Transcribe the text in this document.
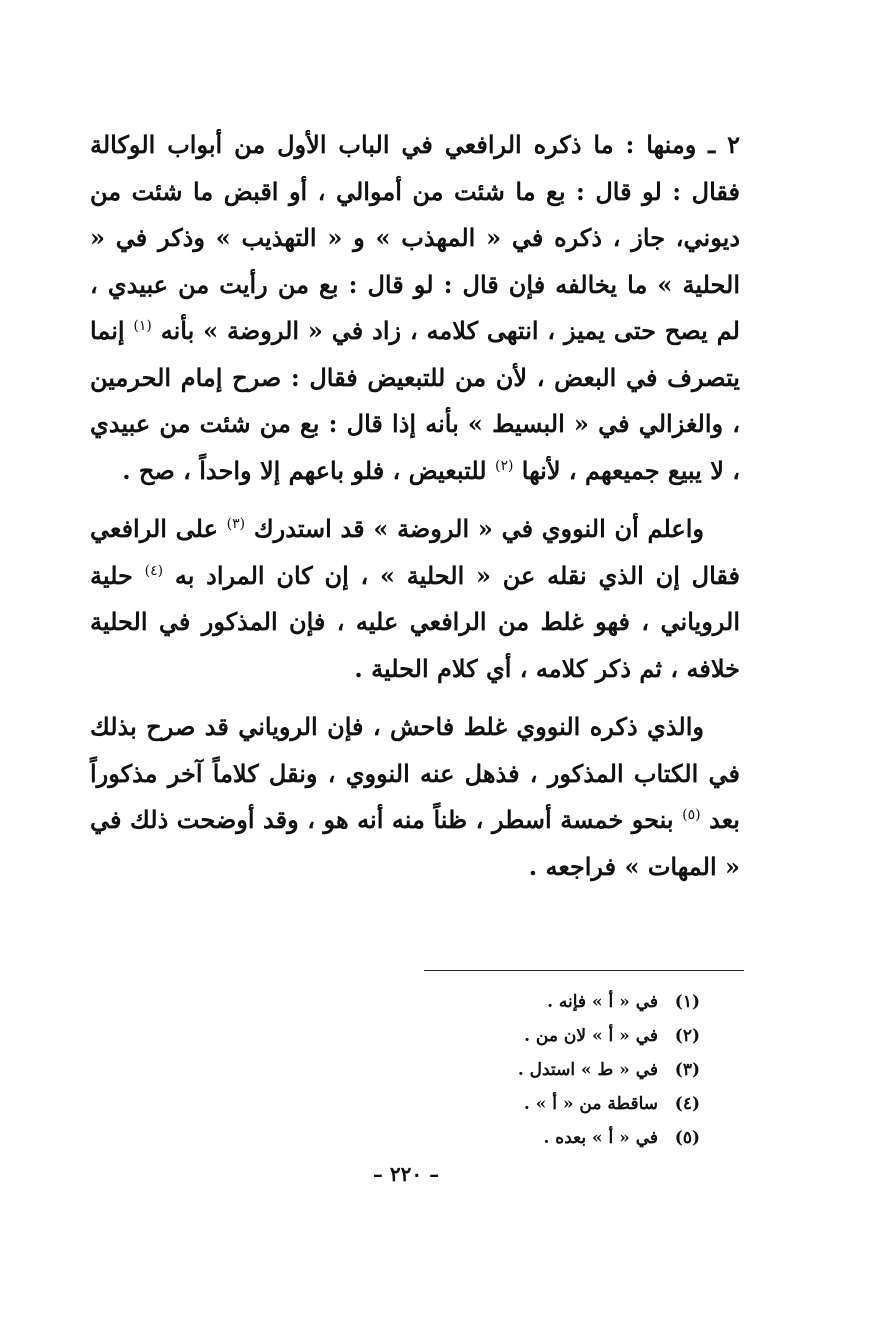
٢ ـ ومنها : ما ذكره الرافعي في الباب الأول من أبواب الوكالة فقال : لو قال : بع ما شئت من أموالي ، أو اقبض ما شئت من ديوني، جاز ، ذكره في « المهذب » و « التهذيب » وذكر في « الحلية » ما يخالفه فإن قال : لو قال : بع من رأيت من عبيدي ، لم يصح حتى يميز ، انتهى كلامه ، زاد في « الروضة » بأنه $^{(١)}$ إنما يتصرف في البعض ، لأن من للتبعيض فقال : صرح إمام الحرمين ، والغزالي في « البسيط » بأنه إذا قال : بع من شئت من عبيدي ، لا يبيع جميعهم ، لأنها $^{(٢)}$ للتبعيض ، فلو باعهم إلا واحداً ، صح .

واعلم أن النووي في « الروضة » قد استدرك $^{(٣)}$ على الرافعي فقال إن الذي نقله عن « الحلية » ، إن كان المراد به $^{(٤)}$ حلية الروياني ، فهو غلط من الرافعي عليه ، فإن المذكور في الحلية خلافه ، ثم ذكر كلامه ، أي كلام الحلية .

والذي ذكره النووي غلط فاحش ، فإن الروياني قد صرح بذلك في الكتاب المذكور ، فذهل عنه النووي ، ونقل كلاماً آخر مذكوراً بعد $^{(٥)}$ بنحو خمسة أسطر ، ظناً منه أنه هو ، وقد أوضحت ذلك في « المهات » فراجعه .

(١)
في « أ » فإنه .
(٢)
في « أ » لان من .
(٣)
في « ط » استدل .
(٤)
ساقطة من « أ » .
(٥)
في « أ » بعده .
– ٢٢٠ –
